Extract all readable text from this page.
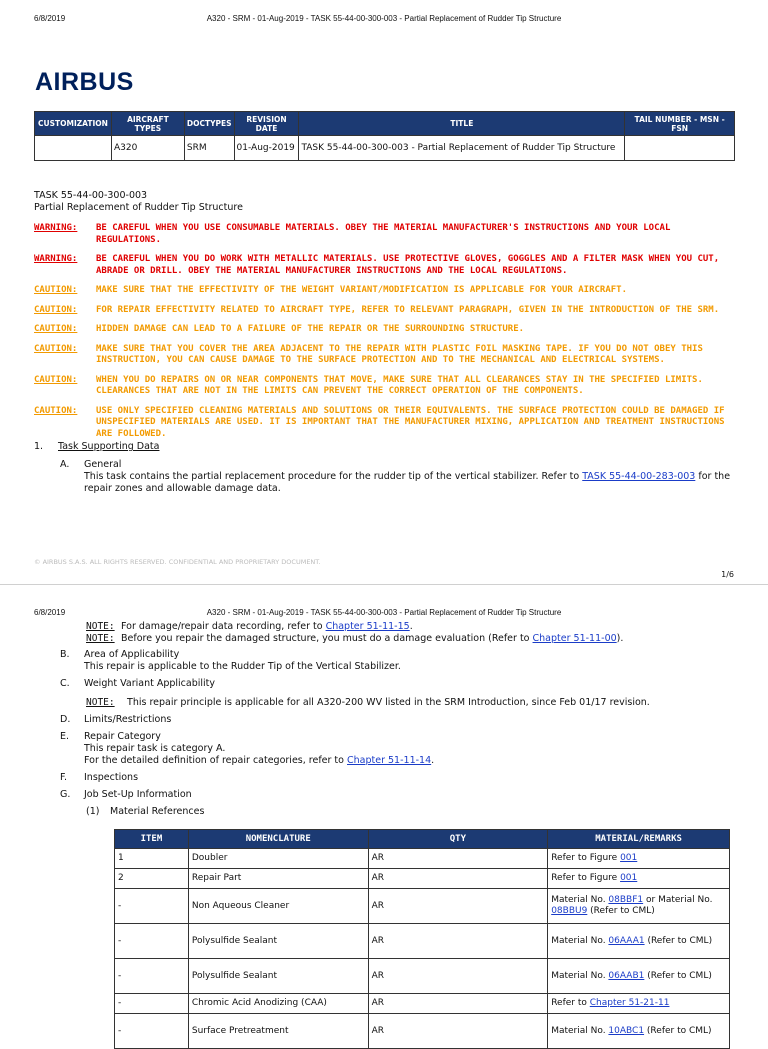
6/8/2019	A320 - SRM - 01-Aug-2019 - TASK 55-44-00-300-003 - Partial Replacement of Rudder Tip Structure
AIRBUS
CUSTOMIZATION	AIRCRAFT TYPES	DOCTYPES	REVISION DATE	TITLE	TAIL NUMBER - MSN - FSN
	A320	SRM	01-Aug-2019	TASK 55-44-00-300-003 - Partial Replacement of Rudder Tip Structure	
TASK 55-44-00-300-003
Partial Replacement of Rudder Tip Structure
WARNING:	BE CAREFUL WHEN YOU USE CONSUMABLE MATERIALS. OBEY THE MATERIAL MANUFACTURER'S INSTRUCTIONS AND YOUR LOCAL REGULATIONS.
WARNING:	BE CAREFUL WHEN YOU DO WORK WITH METALLIC MATERIALS. USE PROTECTIVE GLOVES, GOGGLES AND A FILTER MASK WHEN YOU CUT, ABRADE OR DRILL. OBEY THE MATERIAL MANUFACTURER INSTRUCTIONS AND THE LOCAL REGULATIONS.
CAUTION:	MAKE SURE THAT THE EFFECTIVITY OF THE WEIGHT VARIANT/MODIFICATION IS APPLICABLE FOR YOUR AIRCRAFT.
CAUTION:	FOR REPAIR EFFECTIVITY RELATED TO AIRCRAFT TYPE, REFER TO RELEVANT PARAGRAPH, GIVEN IN THE INTRODUCTION OF THE SRM.
CAUTION:	HIDDEN DAMAGE CAN LEAD TO A FAILURE OF THE REPAIR OR THE SURROUNDING STRUCTURE.
CAUTION:	MAKE SURE THAT YOU COVER THE AREA ADJACENT TO THE REPAIR WITH PLASTIC FOIL MASKING TAPE. IF YOU DO NOT OBEY THIS INSTRUCTION, YOU CAN CAUSE DAMAGE TO THE SURFACE PROTECTION AND TO THE MECHANICAL AND ELECTRICAL SYSTEMS.
CAUTION:	WHEN YOU DO REPAIRS ON OR NEAR COMPONENTS THAT MOVE, MAKE SURE THAT ALL CLEARANCES STAY IN THE SPECIFIED LIMITS. CLEARANCES THAT ARE NOT IN THE LIMITS CAN PREVENT THE CORRECT OPERATION OF THE COMPONENTS.
CAUTION:	USE ONLY SPECIFIED CLEANING MATERIALS AND SOLUTIONS OR THEIR EQUIVALENTS. THE SURFACE PROTECTION COULD BE DAMAGED IF UNSPECIFIED MATERIALS ARE USED. IT IS IMPORTANT THAT THE MANUFACTURER MIXING, APPLICATION AND TREATMENT INSTRUCTIONS ARE FOLLOWED.
1.	Task Supporting Data
A.	General
This task contains the partial replacement procedure for the rudder tip of the vertical stabilizer. Refer to TASK 55-44-00-283-003 for the repair zones and allowable damage data.
© AIRBUS S.A.S. ALL RIGHTS RESERVED. CONFIDENTIAL AND PROPRIETARY DOCUMENT.
1/6
6/8/2019	A320 - SRM - 01-Aug-2019 - TASK 55-44-00-300-003 - Partial Replacement of Rudder Tip Structure
NOTE: For damage/repair data recording, refer to Chapter 51-11-15.
NOTE: Before you repair the damaged structure, you must do a damage evaluation (Refer to Chapter 51-11-00).
B.	Area of Applicability
This repair is applicable to the Rudder Tip of the Vertical Stabilizer.
C.	Weight Variant Applicability
NOTE: This repair principle is applicable for all A320-200 WV listed in the SRM Introduction, since Feb 01/17 revision.
D.	Limits/Restrictions
E.	Repair Category
This repair task is category A.
For the detailed definition of repair categories, refer to Chapter 51-11-14.
F.	Inspections
G.	Job Set-Up Information
(1)	Material References
ITEM	NOMENCLATURE	QTY	MATERIAL/REMARKS
1	Doubler	AR	Refer to Figure 001
2	Repair Part	AR	Refer to Figure 001
-	Non Aqueous Cleaner	AR	Material No. 08BBF1 or Material No. 08BBU9 (Refer to CML)
-	Polysulfide Sealant	AR	Material No. 06AAA1 (Refer to CML)
-	Polysulfide Sealant	AR	Material No. 06AAB1 (Refer to CML)
-	Chromic Acid Anodizing (CAA)	AR	Refer to Chapter 51-21-11
-	Surface Pretreatment	AR	Material No. 10ABC1 (Refer to CML)
